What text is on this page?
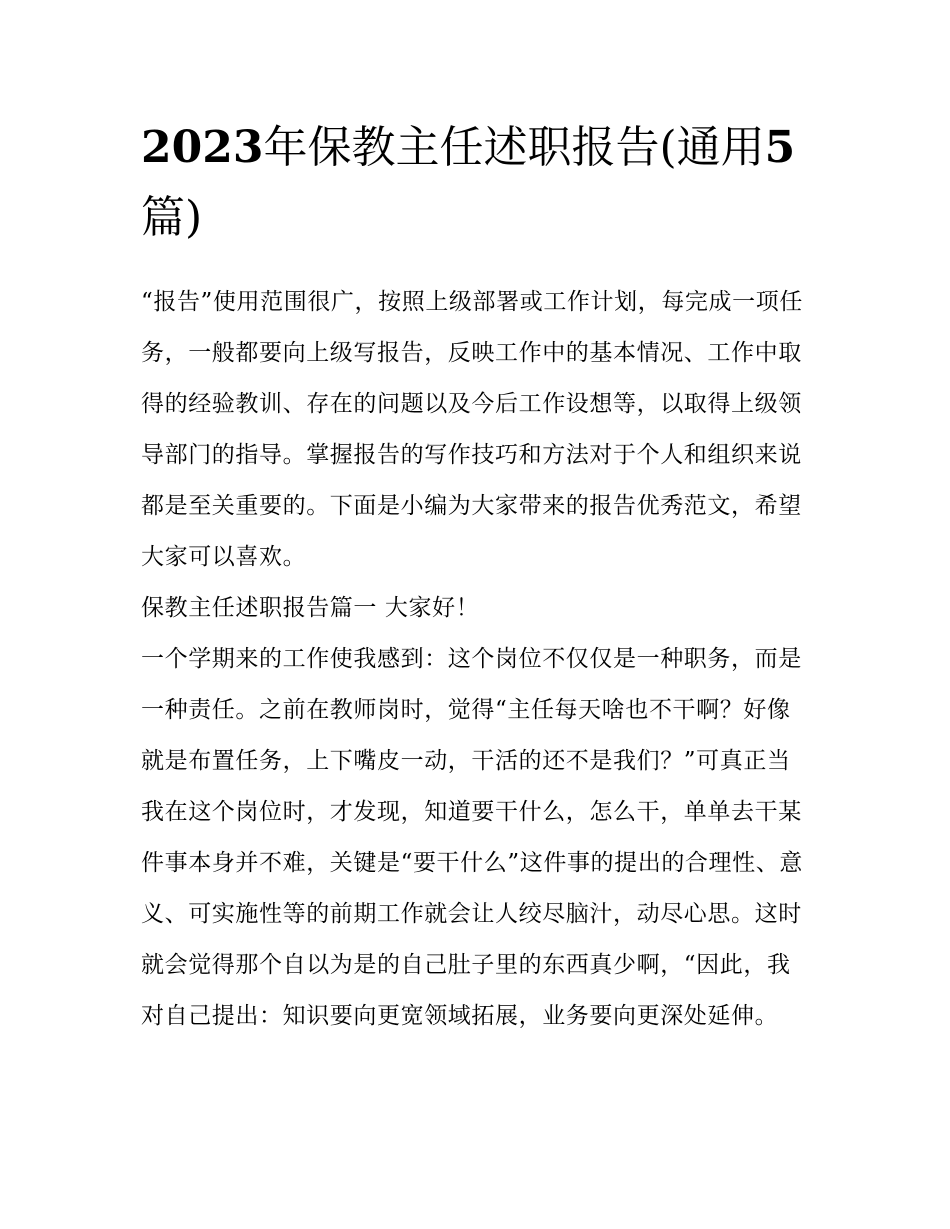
2023年保教主任述职报告(通用5篇)

“报告”使用范围很广，按照上级部署或工作计划，每完成一项任务，一般都要向上级写报告，反映工作中的基本情况、工作中取得的经验教训、存在的问题以及今后工作设想等，以取得上级领导部门的指导。掌握报告的写作技巧和方法对于个人和组织来说都是至关重要的。下面是小编为大家带来的报告优秀范文，希望大家可以喜欢。

保教主任述职报告篇一 大家好！

一个学期来的工作使我感到：这个岗位不仅仅是一种职务，而是一种责任。之前在教师岗时，觉得“主任每天啥也不干啊？好像就是布置任务，上下嘴皮一动，干活的还不是我们？”可真正当我在这个岗位时，才发现，知道要干什么，怎么干，单单去干某件事本身并不难，关键是“要干什么”这件事的提出的合理性、意义、可实施性等的前期工作就会让人绞尽脑汁，动尽心思。这时就会觉得那个自以为是的自己肚子里的东西真少啊，“因此，我对自己提出：知识要向更宽领域拓展，业务要向更深处延伸。
